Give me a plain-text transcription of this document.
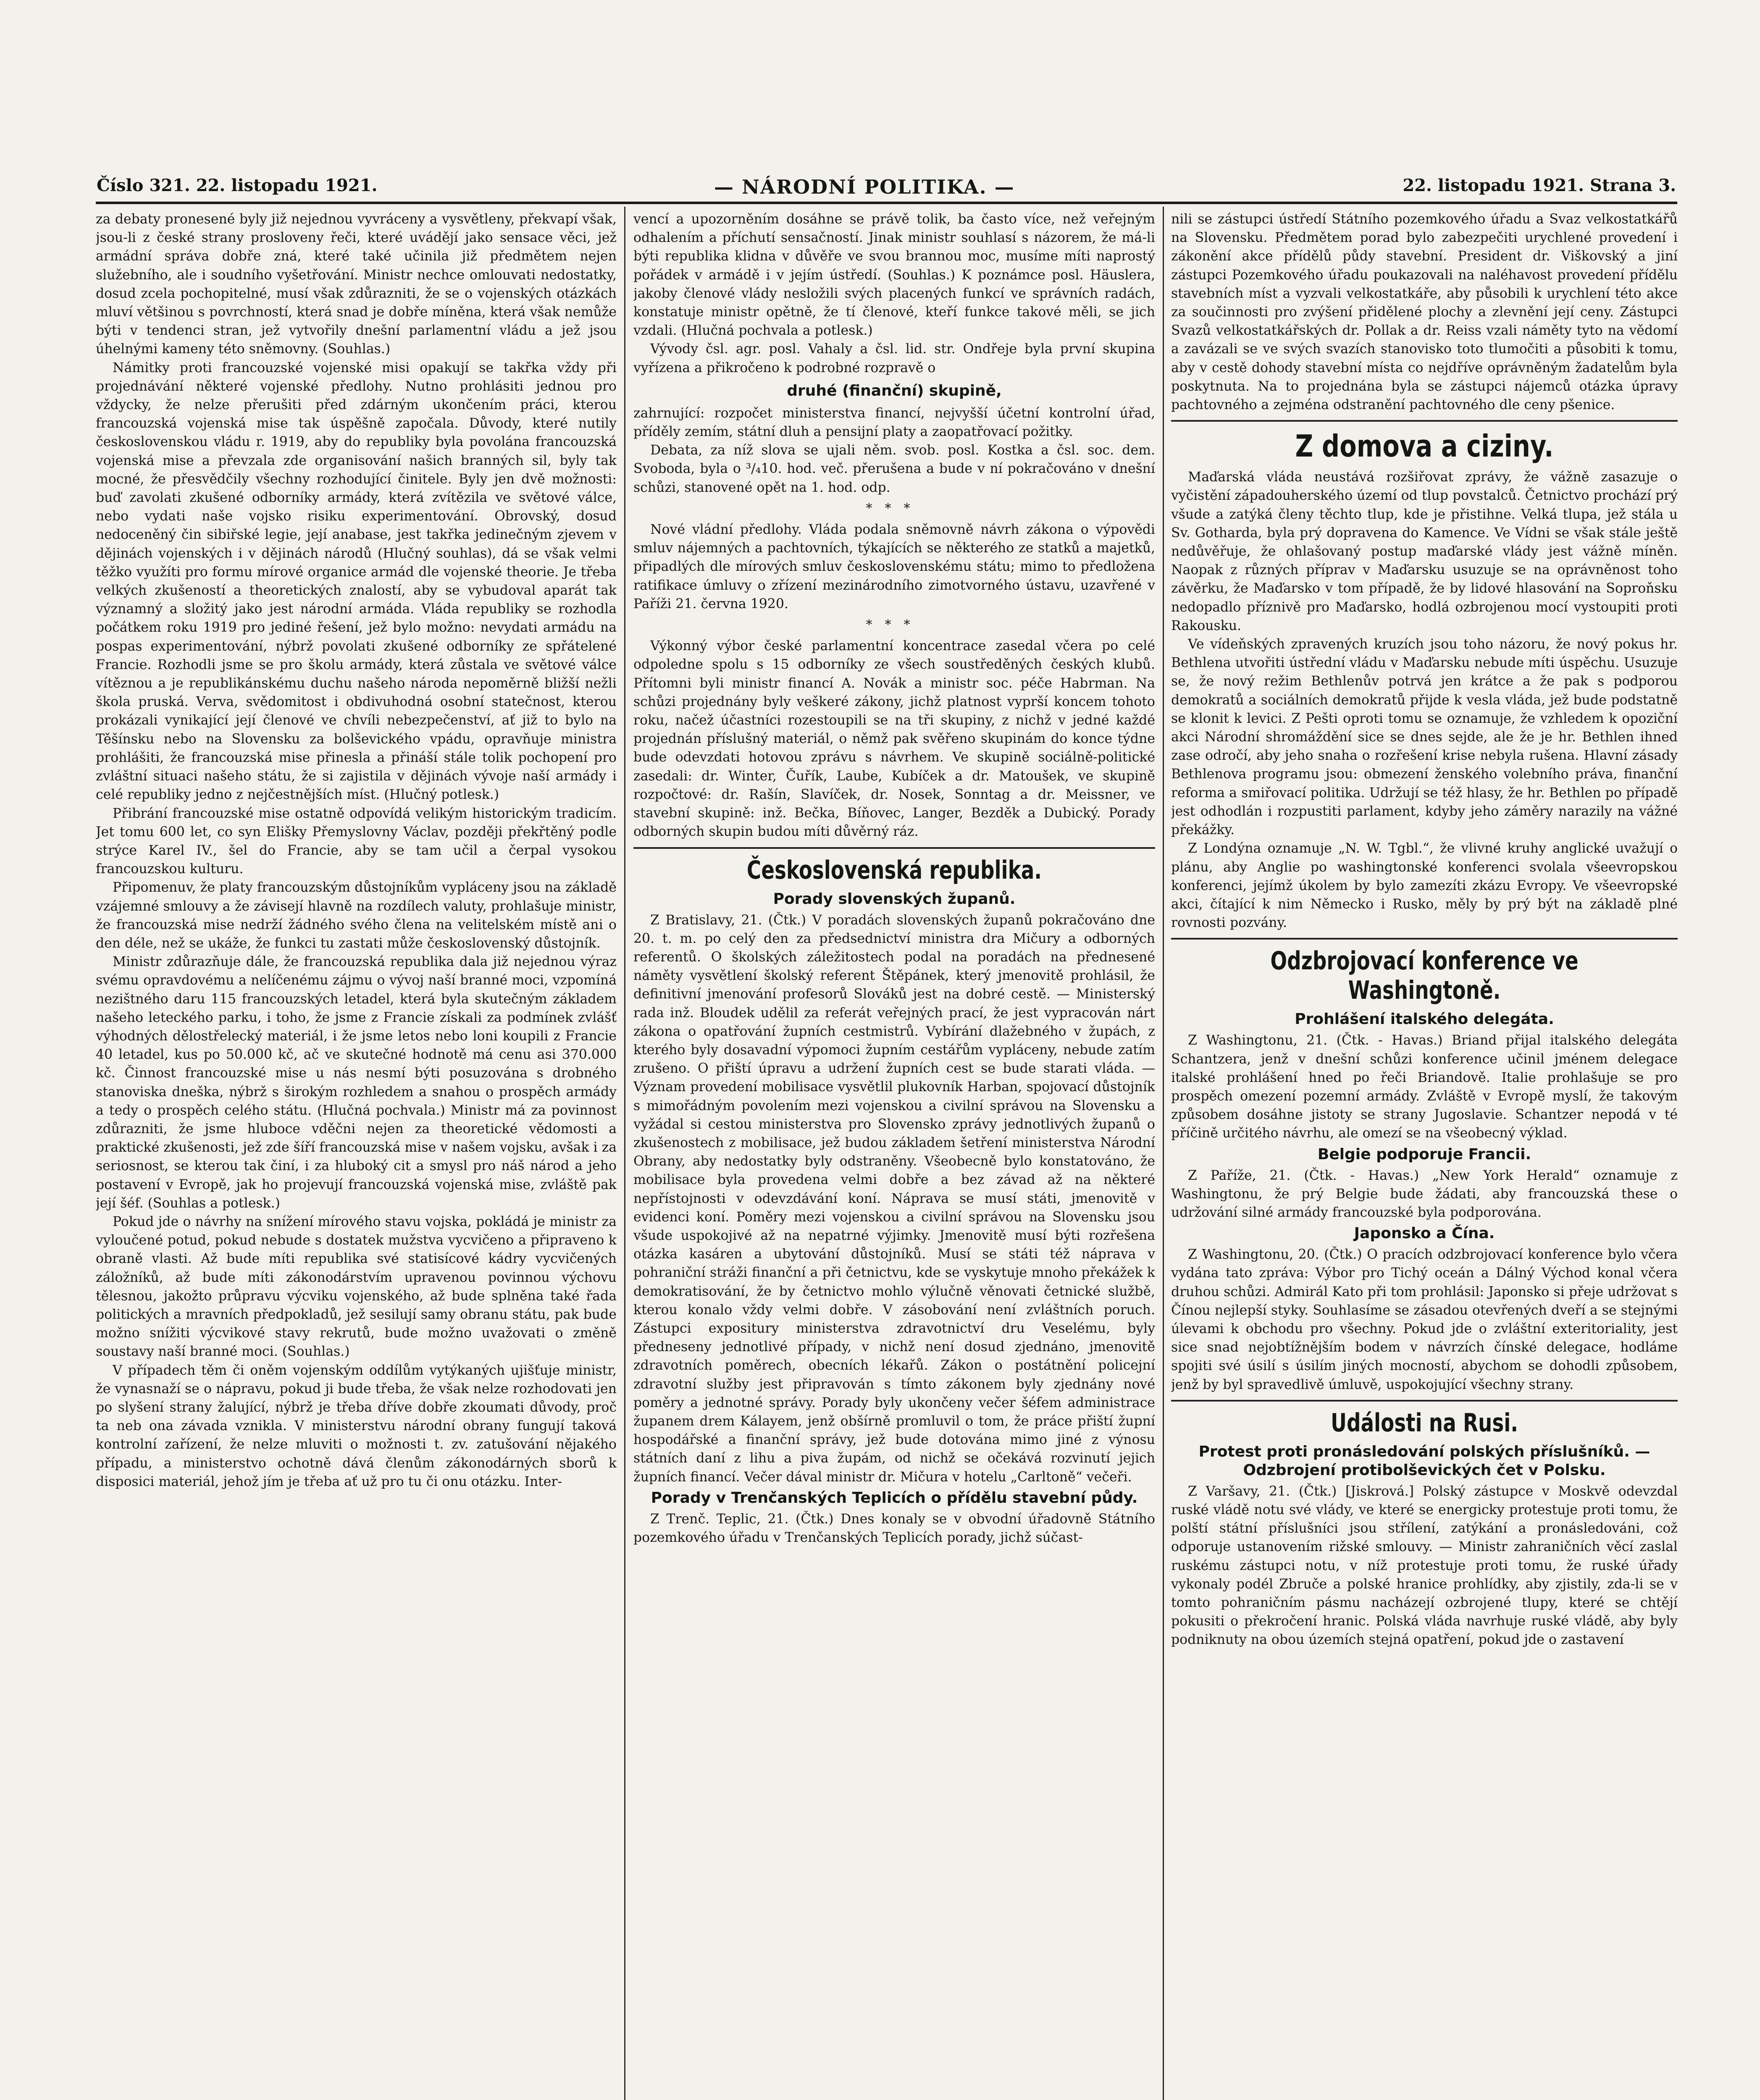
Číslo 321. 22. listopadu 1921.	— NÁRODNÍ POLITIKA. —	22. listopadu 1921. Strana 3.

za debaty pronesené byly již nejednou vyvráceny a vysvětleny, překvapí však, jsou-li z české strany prosloveny řeči, které uvádějí jako sensace věci, jež armádní správa dobře zná, které také učinila již předmětem nejen služebního, ale i soudního vyšetřování. Ministr nechce omlouvati nedostatky, dosud zcela pochopitelné, musí však zdůrazniti, že se o vojenských otázkách mluví většinou s povrchností, která snad je dobře míněna, která však nemůže býti v tendenci stran, jež vytvořily dnešní parlamentní vládu a jež jsou úhelnými kameny této sněmovny. (Souhlas.)

Námitky proti francouzské vojenské misi opakují se takřka vždy při projednávání některé vojenské předlohy. Nutno prohlásiti jednou pro vždycky, že nelze přerušiti před zdárným ukončením práci, kterou francouzská vojenská mise tak úspěšně započala. Důvody, které nutily československou vládu r. 1919, aby do republiky byla povolána francouzská vojenská mise a převzala zde organisování našich branných sil, byly tak mocné, že přesvědčily všechny rozhodující činitele. Byly jen dvě možnosti: buď zavolati zkušené odborníky armády, která zvítězila ve světové válce, nebo vydati naše vojsko risiku experimentování. Obrovský, dosud nedoceněný čin sibiřské legie, její anabase, jest takřka jedinečným zjevem v dějinách vojenských i v dějinách národů (Hlučný souhlas), dá se však velmi těžko využíti pro formu mírové organice armád dle vojenské theorie. Je třeba velkých zkušeností a theoretických znalostí, aby se vybudoval aparát tak významný a složitý jako jest národní armáda. Vláda republiky se rozhodla počátkem roku 1919 pro jediné řešení, jež bylo možno: nevydati armádu na pospas experimentování, nýbrž povolati zkušené odborníky ze spřátelené Francie. Rozhodli jsme se pro školu armády, která zůstala ve světové válce vítěznou a je republikánskému duchu našeho národa nepoměrně bližší nežli škola pruská. Verva, svědomitost i obdivuhodná osobní statečnost, kterou prokázali vynikající její členové ve chvíli nebezpečenství, ať již to bylo na Těšínsku nebo na Slovensku za bolševického vpádu, opravňuje ministra prohlášiti, že francouzská mise přinesla a přináší stále tolik pochopení pro zvláštní situaci našeho státu, že si zajistila v dějinách vývoje naší armády i celé republiky jedno z nejčestnějších míst. (Hlučný potlesk.)

Přibrání francouzské mise ostatně odpovídá velikým historickým tradicím. Jet tomu 600 let, co syn Elišky Přemyslovny Václav, později překřtěný podle strýce Karel IV., šel do Francie, aby se tam učil a čerpal vysokou francouzskou kulturu.

Připomenuv, že platy francouzským důstojníkům vypláceny jsou na základě vzájemné smlouvy a že závisejí hlavně na rozdílech valuty, prohlašuje ministr, že francouzská mise nedrží žádného svého člena na velitelském místě ani o den déle, než se ukáže, že funkci tu zastati může československý důstojník.

Ministr zdůrazňuje dále, že francouzská republika dala již nejednou výraz svému opravdovému a nelíčenému zájmu o vývoj naší branné moci, vzpomíná nezištného daru 115 francouzských letadel, která byla skutečným základem našeho leteckého parku, i toho, že jsme z Francie získali za podmínek zvlášť výhodných dělostřelecký materiál, i že jsme letos nebo loni koupili z Francie 40 letadel, kus po 50.000 kč, ač ve skutečné hodnotě má cenu asi 370.000 kč. Činnost francouzské mise u nás nesmí býti posuzována s drobného stanoviska dneška, nýbrž s širokým rozhledem a snahou o prospěch armády a tedy o prospěch celého státu. (Hlučná pochvala.) Ministr má za povinnost zdůrazniti, že jsme hluboce vděčni nejen za theoretické vědomosti a praktické zkušenosti, jež zde šíří francouzská mise v našem vojsku, avšak i za seriosnost, se kterou tak činí, i za hluboký cit a smysl pro náš národ a jeho postavení v Evropě, jak ho projevují francouzská vojenská mise, zvláště pak její šéf. (Souhlas a potlesk.)

Pokud jde o návrhy na snížení mírového stavu vojska, pokládá je ministr za vyloučené potud, pokud nebude s dostatek mužstva vycvičeno a připraveno k obraně vlasti. Až bude míti republika své statisícové kádry vycvičených záložníků, až bude míti zákonodárstvím upravenou povinnou výchovu tělesnou, jakožto průpravu výcviku vojenského, až bude splněna také řada politických a mravních předpokladů, jež sesilují samy obranu státu, pak bude možno snížiti výcvikové stavy rekrutů, bude možno uvažovati o změně soustavy naší branné moci. (Souhlas.)

V případech těm či oněm vojenským oddílům vytýkaných ujišťuje ministr, že vynasnaží se o nápravu, pokud ji bude třeba, že však nelze rozhodovati jen po slyšení strany žalující, nýbrž je třeba dříve dobře zkoumati důvody, proč ta neb ona závada vznikla. V ministerstvu národní obrany fungují taková kontrolní zařízení, že nelze mluviti o možnosti t. zv. zatušování nějakého případu, a ministerstvo ochotně dává členům zákonodárných sborů k disposici materiál, jehož jím je třeba ať už pro tu či onu otázku. Inter-

vencí a upozorněním dosáhne se právě tolik, ba často více, než veřejným odhalením a příchutí sensačností. Jinak ministr souhlasí s názorem, že má-li býti republika klidna v důvěře ve svou brannou moc, musíme míti naprostý pořádek v armádě i v jejím ústředí. (Souhlas.) K poznámce posl. Häuslera, jakoby členové vlády nesložili svých placených funkcí ve správních radách, konstatuje ministr opětně, že tí členové, kteří funkce takové měli, se jich vzdali. (Hlučná pochvala a potlesk.)

Vývody čsl. agr. posl. Vahaly a čsl. lid. str. Ondřeje byla první skupina vyřízena a přikročeno k podrobné rozpravě o

druhé (finanční) skupině,

zahrnující: rozpočet ministerstva financí, nejvyšší účetní kontrolní úřad, příděly zemím, státní dluh a pensijní platy a zaopatřovací požitky.

Debata, za níž slova se ujali něm. svob. posl. Kostka a čsl. soc. dem. Svoboda, byla o ³/₄10. hod. več. přerušena a bude v ní pokračováno v dnešní schůzi, stanovené opět na 1. hod. odp.

***

Nové vládní předlohy. Vláda podala sněmovně návrh zákona o výpovědi smluv nájemných a pachtovních, týkajících se některého ze statků a majetků, připadlých dle mírových smluv československému státu; mimo to předložena ratifikace úmluvy o zřízení mezinárodního zimotvorného ústavu, uzavřené v Paříži 21. června 1920.

***

Výkonný výbor české parlamentní koncentrace zasedal včera po celé odpoledne spolu s 15 odborníky ze všech soustředěných českých klubů. Přítomni byli ministr financí A. Novák a ministr soc. péče Habrman. Na schůzi projednány byly veškeré zákony, jichž platnost vyprší koncem tohoto roku, načež účastníci rozestoupili se na tři skupiny, z nichž v jedné každé projednán příslušný materiál, o němž pak svěřeno skupinám do konce týdne bude odevzdati hotovou zprávu s návrhem. Ve skupině sociálně-politické zasedali: dr. Winter, Čuřík, Laube, Kubíček a dr. Matoušek, ve skupině rozpočtové: dr. Rašín, Slavíček, dr. Nosek, Sonntag a dr. Meissner, ve stavební skupině: inž. Bečka, Bíňovec, Langer, Bezděk a Dubický. Porady odborných skupin budou míti důvěrný ráz.

Československá republika.
Porady slovenských županů.

Z Bratislavy, 21. (Čtk.) V poradách slovenských županů pokračováno dne 20. t. m. po celý den za předsednictví ministra dra Mičury a odborných referentů. O školských záležitostech podal na poradách na přednesené náměty vysvětlení školský referent Štěpánek, který jmenovitě prohlásil, že definitivní jmenování profesorů Slováků jest na dobré cestě. — Ministerský rada inž. Bloudek udělil za referát veřejných prací, že jest vypracován nárt zákona o opatřování župních cestmistrů. Vybírání dlažebného v župách, z kterého byly dosavadní výpomoci župním cestářům vypláceny, nebude zatím zrušeno. O přiští úpravu a udržení župních cest se bude starati vláda. — Význam provedení mobilisace vysvětlil plukovník Harban, spojovací důstojník s mimořádným povolením mezi vojenskou a civilní správou na Slovensku a vyžádal si cestou ministerstva pro Slovensko zprávy jednotlivých županů o zkušenostech z mobilisace, jež budou základem šetření ministerstva Národní Obrany, aby nedostatky byly odstraněny. Všeobecně bylo konstatováno, že mobilisace byla provedena velmi dobře a bez závad až na některé nepřístojnosti v odevzdávání koní. Náprava se musí státi, jmenovitě v evidenci koní. Poměry mezi vojenskou a civilní správou na Slovensku jsou všude uspokojivé až na nepatrné výjimky. Jmenovitě musí býti rozřešena otázka kasáren a ubytování důstojníků. Musí se státi též náprava v pohraniční stráži finanční a při četnictvu, kde se vyskytuje mnoho překážek k demokratisování, že by četnictvo mohlo výlučně věnovati četnické službě, kterou konalo vždy velmi dobře. V zásobování není zvláštních poruch. Zástupci expositury ministerstva zdravotnictví dru Veselému, byly předneseny jednotlivé případy, v nichž není dosud zjednáno, jmenovitě zdravotních poměrech, obecních lékařů. Zákon o postátnění policejní zdravotní služby jest připravován s tímto zákonem byly zjednány nové poměry a jednotné správy. Porady byly ukončeny večer šéfem administrace županem drem Kálayem, jenž obšírně promluvil o tom, že práce přiští župní hospodářské a finanční správy, jež bude dotována mimo jiné z výnosu státních daní z lihu a piva župám, od nichž se očekává rozvinutí jejich župních financí. Večer dával ministr dr. Mičura v hotelu „Carltoně“ večeři.

Porady v Trenčanských Teplicích o přídělu stavební půdy.

Z Trenč. Teplic, 21. (Čtk.) Dnes konaly se v obvodní úřadovně Státního pozemkového úřadu v Trenčanských Teplicích porady, jichž súčast-

nili se zástupci ústředí Státního pozemkového úřadu a Svaz velkostatkářů na Slovensku. Předmětem porad bylo zabezpečiti urychlené provedení i zákonění akce přídělů půdy stavební. President dr. Viškovský a jiní zástupci Pozemkového úřadu poukazovali na naléhavost provedení přídělu stavebních míst a vyzvali velkostatkáře, aby působili k urychlení této akce za součinnosti pro zvýšení přidělené plochy a zlevnění její ceny. Zástupci Svazů velkostatkářských dr. Pollak a dr. Reiss vzali náměty tyto na vědomí a zavázali se ve svých svazích stanovisko toto tlumočiti a působiti k tomu, aby v cestě dohody stavební místa co nejdříve oprávněným žadatelům byla poskytnuta. Na to projednána byla se zástupci nájemců otázka úpravy pachtovného a zejména odstranění pachtovného dle ceny pšenice.

Z domova a ciziny.

Maďarská vláda neustává rozšiřovat zprávy, že vážně zasazuje o vyčistění západouherského území od tlup povstalců. Četnictvo prochází prý všude a zatýká členy těchto tlup, kde je přistihne. Velká tlupa, jež stála u Sv. Gotharda, byla prý dopravena do Kamence. Ve Vídni se však stále ještě nedůvěřuje, že ohlašovaný postup maďarské vlády jest vážně míněn. Naopak z různých příprav v Maďarsku usuzuje se na oprávněnost toho závěrku, že Maďarsko v tom případě, že by lidové hlasování na Soproňsku nedopadlo příznivě pro Maďarsko, hodlá ozbrojenou mocí vystoupiti proti Rakousku.

Ve vídeňských zpravených kruzích jsou toho názoru, že nový pokus hr. Bethlena utvořiti ústřední vládu v Maďarsku nebude míti úspěchu. Usuzuje se, že nový režim Bethlenův potrvá jen krátce a že pak s podporou demokratů a sociálních demokratů přijde k vesla vláda, jež bude podstatně se klonit k levici. Z Pešti oproti tomu se oznamuje, že vzhledem k opoziční akci Národní shromáždění sice se dnes sejde, ale že je hr. Bethlen ihned zase odročí, aby jeho snaha o rozřešení krise nebyla rušena. Hlavní zásady Bethlenova programu jsou: obmezení ženského volebního práva, finanční reforma a smiřovací politika. Udržují se též hlasy, že hr. Bethlen po případě jest odhodlán i rozpustiti parlament, kdyby jeho záměry narazily na vážné překážky.

Z Londýna oznamuje „N. W. Tgbl.“, že vlivné kruhy anglické uvažují o plánu, aby Anglie po washingtonské konferenci svolala všeevropskou konferenci, jejímž úkolem by bylo zamezíti zkázu Evropy. Ve všeevropské akci, čítající k nim Německo i Rusko, měly by prý být na základě plné rovnosti pozvány.

Odzbrojovací konference ve Washingtoně.
Prohlášení italského delegáta.

Z Washingtonu, 21. (Čtk. - Havas.) Briand přijal italského delegáta Schantzera, jenž v dnešní schůzi konference učinil jménem delegace italské prohlášení hned po řeči Briandově. Italie prohlašuje se pro prospěch omezení pozemní armády. Zvláště v Evropě myslí, že takovým způsobem dosáhne jistoty se strany Jugoslavie. Schantzer nepodá v té příčině určitého návrhu, ale omezí se na všeobecný výklad.

Belgie podporuje Francii.

Z Paříže, 21. (Čtk. - Havas.) „New York Herald“ oznamuje z Washingtonu, že prý Belgie bude žádati, aby francouzská these o udržování silné armády francouzské byla podporována.

Japonsko a Čína.

Z Washingtonu, 20. (Čtk.) O pracích odzbrojovací konference bylo včera vydána tato zpráva: Výbor pro Tichý oceán a Dálný Východ konal včera druhou schůzi. Admirál Kato při tom prohlásil: Japonsko si přeje udržovat s Čínou nejlepší styky. Souhlasíme se zásadou otevřených dveří a se stejnými úlevami k obchodu pro všechny. Pokud jde o zvláštní exteritoriality, jest sice snad nejobtížnějším bodem v návrzích čínské delegace, hodláme spojiti své úsilí s úsilím jiných mocností, abychom se dohodli způsobem, jenž by byl spravedlivě úmluvě, uspokojující všechny strany.

Události na Rusi.
Protest proti pronásledování polských příslušníků. — Odzbrojení protibolševických čet v Polsku.

Z Varšavy, 21. (Čtk.) [Jiskrová.] Polský zástupce v Moskvě odevzdal ruské vládě notu své vlády, ve které se energicky protestuje proti tomu, že polští státní příslušníci jsou střílení, zatýkání a pronásledováni, což odporuje ustanovením rižské smlouvy. — Ministr zahraničních věcí zaslal ruskému zástupci notu, v níž protestuje proti tomu, že ruské úřady vykonaly podél Zbruče a polské hranice prohlídky, aby zjistily, zda-li se v tomto pohraničním pásmu nacházejí ozbrojené tlupy, které se chtějí pokusiti o překročení hranic. Polská vláda navrhuje ruské vládě, aby byly podniknuty na obou územích stejná opatření, pokud jde o zastavení
